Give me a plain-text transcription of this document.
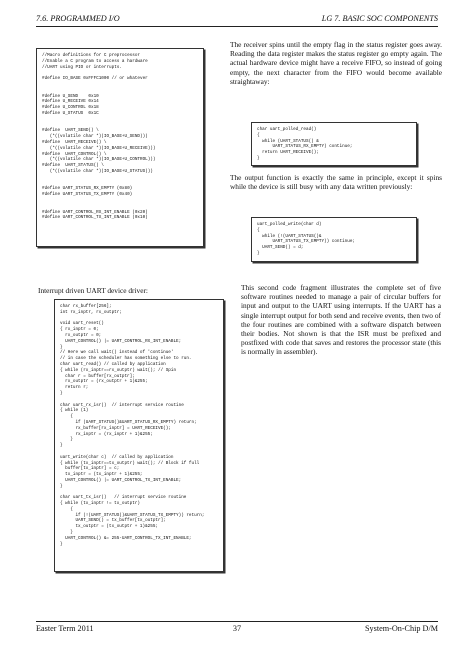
7.6. PROGRAMMED I/O	LG 7. BASIC SOC COMPONENTS
//Macro definitions for C preprocessor
//Enable a C program to access a hardware
//UART using PIO or interrupts.

#define IO_BASE 0xFFFC1000 // or whatever

#define U_SEND    0x10
#define U_RECEIVE 0x14
#define U_CONTROL 0x18
#define U_STATUS  0x1C

#define  UART_SEND() \
(*((volatile char *)(IO_BASE+U_SEND)))
#define  UART_RECEIVE() \
(*((volatile char *)(IO_BASE+U_RECEIVE)))
#define  UART_CONTROL() \
(*((volatile char *)(IO_BASE+U_CONTROL)))
#define  UART_STATUS() \
(*((volatile char *)(IO_BASE+U_STATUS)))

#define UART_STATUS_RX_EMPTY (0x80)
#define UART_STATUS_TX_EMPTY (0x40)

#define UART_CONTROL_RX_INT_ENABLE (0x20)
#define UART_CONTROL_TX_INT_ENABLE (0x10)
The receiver spins until the empty flag in the status register goes away. Reading the data register makes the status register go empty again. The actual hardware device might have a receive FIFO, so instead of going empty, the next character from the FIFO would become available straightaway:
char uart_polled_read()
{
while (UART_STATUS() &
UART_STATUS_RX_EMPTY) continue;
return UART_RECEIVE();
}
The output function is exactly the same in principle, except it spins while the device is still busy with any data written previously:
uart_polled_write(char d)
{
while (!(UART_STATUS()&
UART_STATUS_TX_EMPTY)) continue;
UART_SEND() = d;
}
Interrupt driven UART device driver:
char rx_buffer[256];
int rx_inptr, rx_outptr;

void uart_reset()
{ rx_inptr = 0;
rx_outptr = 0;
UART_CONTROL() |= UART_CONTROL_RX_INT_ENABLE;
}
// Here we call wait() instead of 'continue'
// in case the scheduler has something else to run.
char uart_read() // called by application
{ while (rx_inptr==rx_outptr) wait(); // Spin
char r = buffer[rx_outptr];
rx_outptr = (rx_outptr + 1)&255;
return r;
}

char uart_rx_isr()  // interrupt service routine
{ while (1)
{
if (UART_STATUS()&UART_STATUS_RX_EMPTY) return;
rx_buffer[rx_inptr] = UART_RECEIVE();
rx_inptr = (rx_inptr + 1)&255;
}
}

uart_write(char c)  // called by application
{ while (tx_inptr==tx_outptr) wait(); // Block if full
buffer[tx_inptr] = c;
tx_inptr = (tx_inptr + 1)&255;
UART_CONTROL() |= UART_CONTROL_TX_INT_ENABLE;
}

char uart_tx_isr()   // interrupt service routine
{ while (tx_inptr != tx_outptr)
{
if (!(UART_STATUS()&UART_STATUS_TX_EMPTY)) return;
UART_SEND() = tx_buffer[tx_outptr];
tx_outptr = (tx_outptr + 1)&255;
}
UART_CONTROL() &= 255-UART_CONTROL_TX_INT_ENABLE;
}
This second code fragment illustrates the complete set of five software routines needed to manage a pair of circular buffers for input and output to the UART using interrupts. If the UART has a single interrupt output for both send and receive events, then two of the four routines are combined with a software dispatch between their bodies. Not shown is that the ISR must be prefixed and postfixed with code that saves and restores the processor state (this is normally in assembler).
Easter Term 2011	37	System-On-Chip D/M
